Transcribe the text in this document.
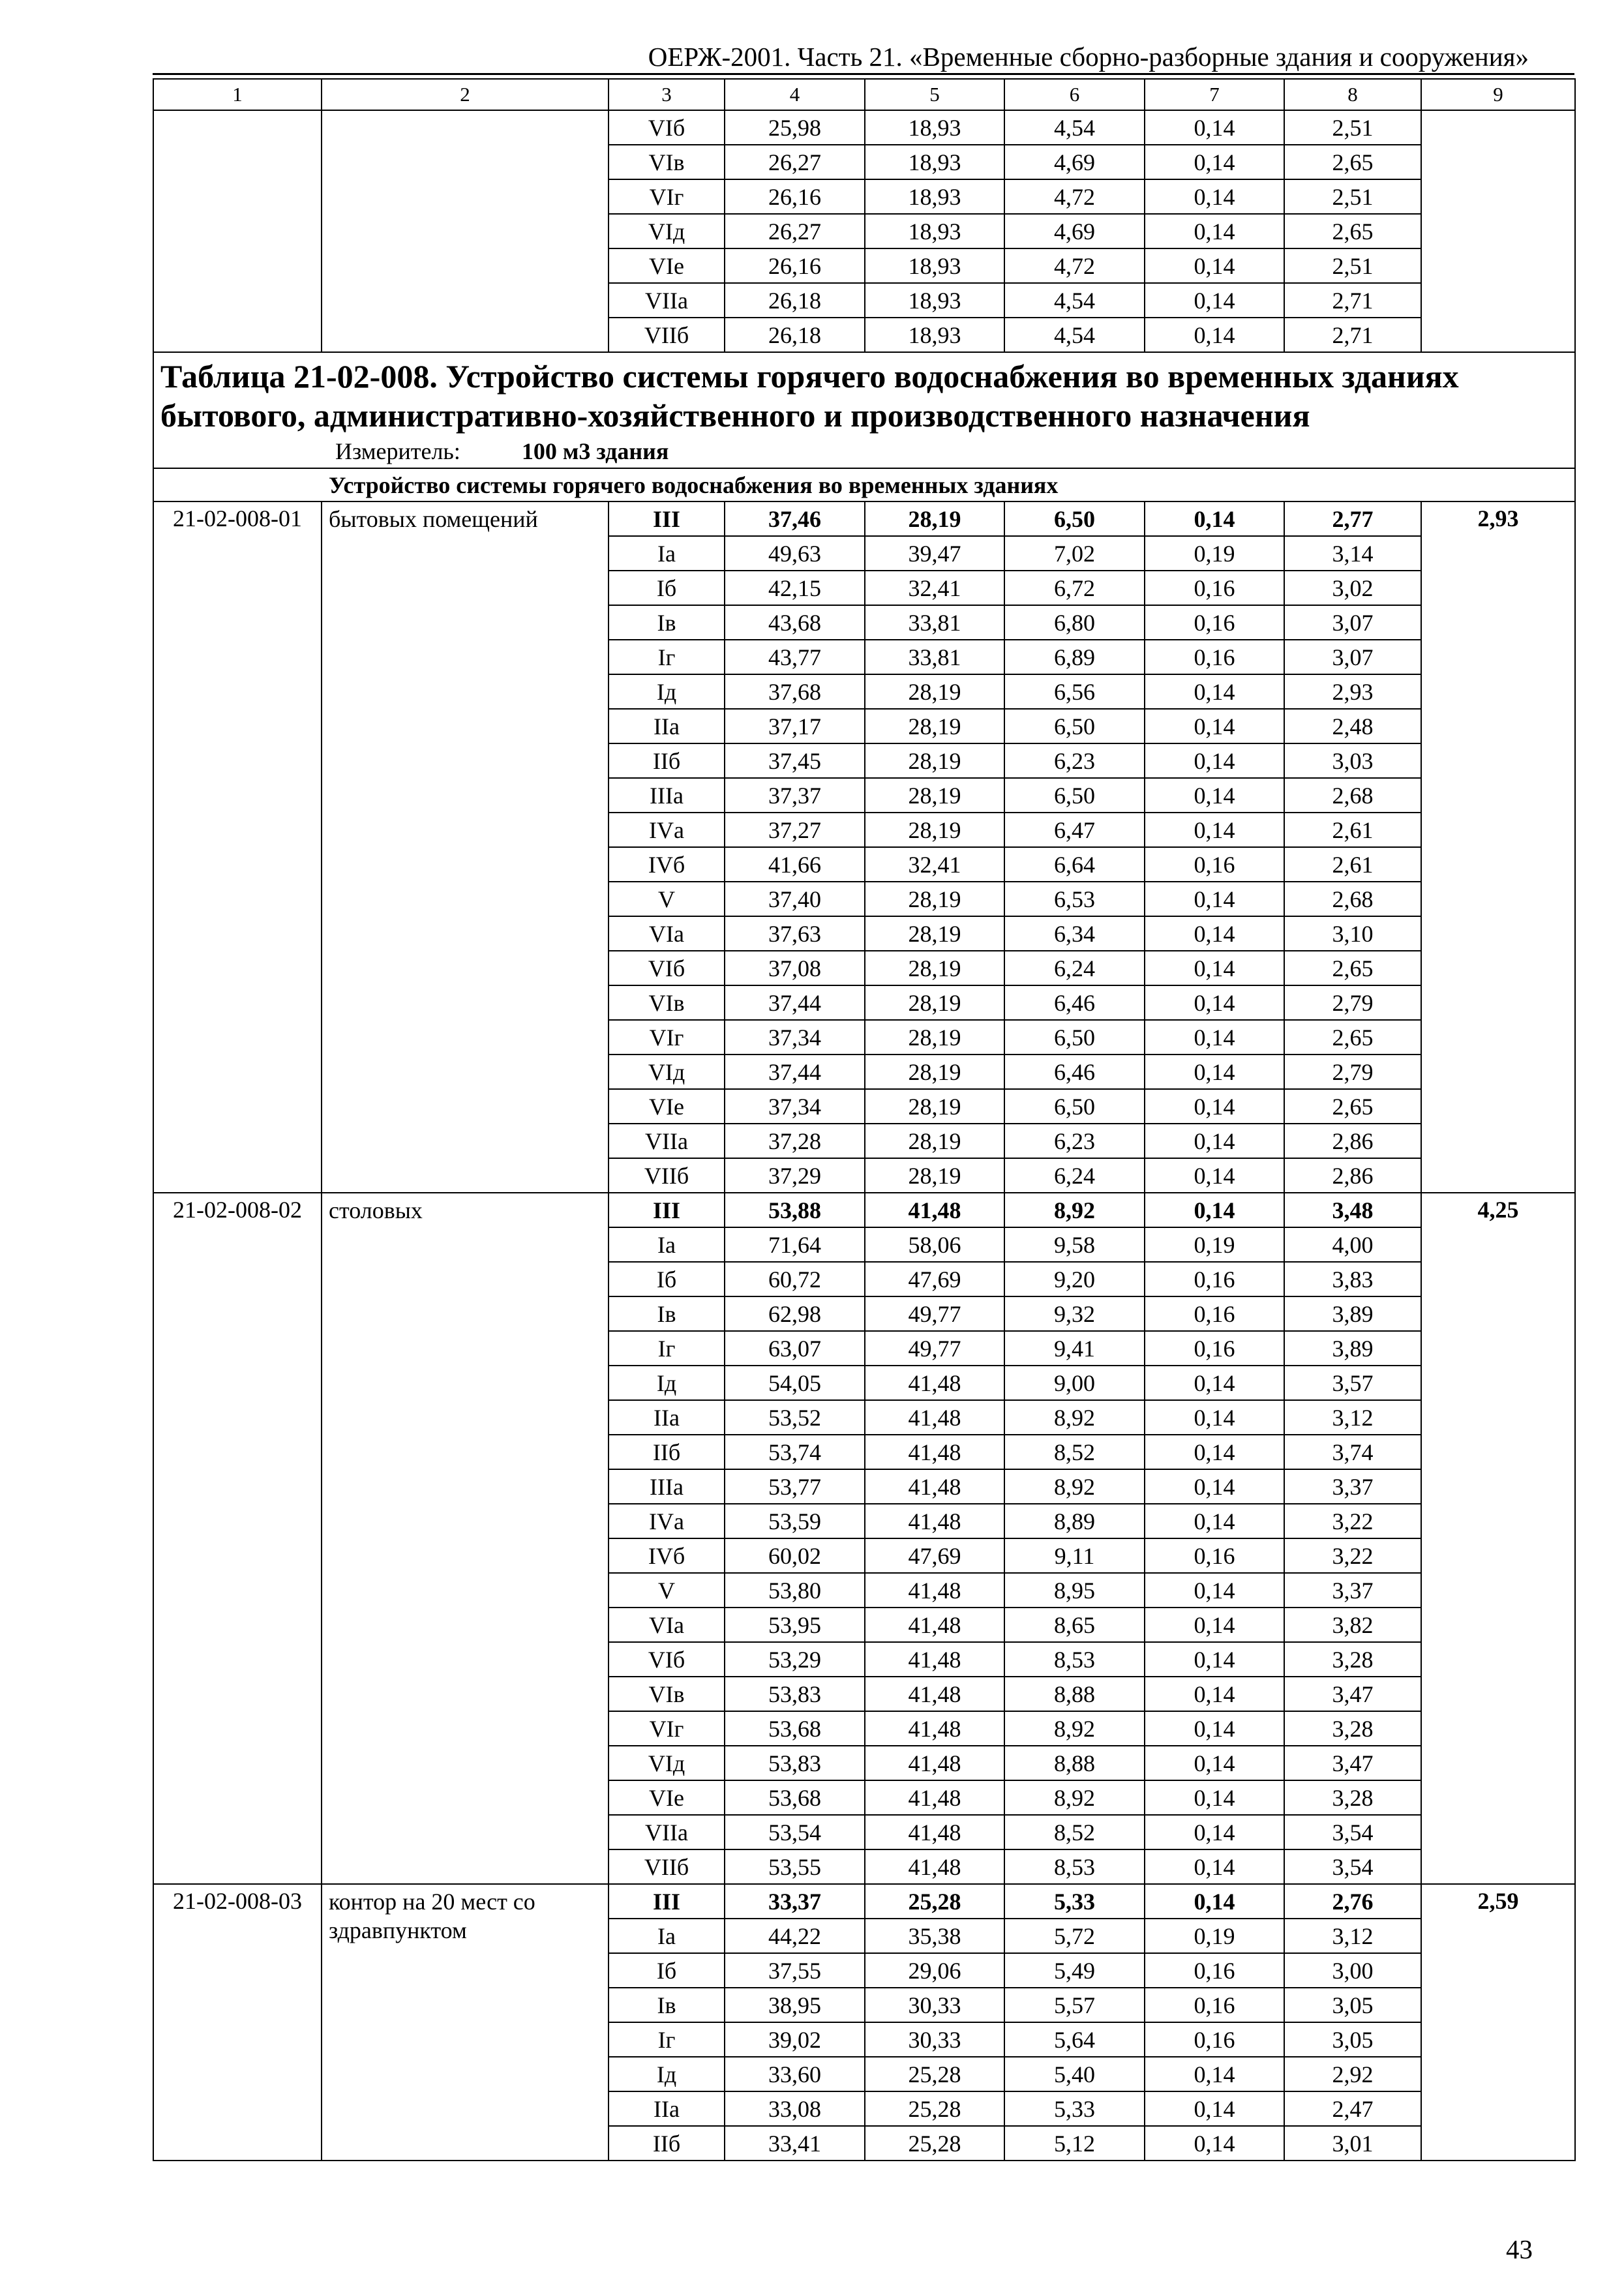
ОЕРЖ-2001. Часть 21. «Временные сборно-разборные здания и сооружения»
1	2	3	4	5	6	7	8	9
		VIб	25,98	18,93	4,54	0,14	2,51	
		VIв	26,27	18,93	4,69	0,14	2,65	
		VIг	26,16	18,93	4,72	0,14	2,51	
		VIд	26,27	18,93	4,69	0,14	2,65	
		VIе	26,16	18,93	4,72	0,14	2,51	
		VIIа	26,18	18,93	4,54	0,14	2,71	
		VIIб	26,18	18,93	4,54	0,14	2,71	

Таблица 21-02-008. Устройство системы горячего водоснабжения во временных зданиях бытового, административно-хозяйственного и производственного назначения
Измеритель: 100 м3 здания								

Устройство системы горячего водоснабжения во временных зданиях								
21-02-008-01	бытовых помещений	III	37,46	28,19	6,50	0,14	2,77	2,93
		Iа	49,63	39,47	7,02	0,19	3,14	
		Iб	42,15	32,41	6,72	0,16	3,02	
		Iв	43,68	33,81	6,80	0,16	3,07	
		Iг	43,77	33,81	6,89	0,16	3,07	
		Iд	37,68	28,19	6,56	0,14	2,93	
		IIа	37,17	28,19	6,50	0,14	2,48	
		IIб	37,45	28,19	6,23	0,14	3,03	
		IIIа	37,37	28,19	6,50	0,14	2,68	
		IVа	37,27	28,19	6,47	0,14	2,61	
		IVб	41,66	32,41	6,64	0,16	2,61	
		V	37,40	28,19	6,53	0,14	2,68	
		VIа	37,63	28,19	6,34	0,14	3,10	
		VIб	37,08	28,19	6,24	0,14	2,65	
		VIв	37,44	28,19	6,46	0,14	2,79	
		VIг	37,34	28,19	6,50	0,14	2,65	
		VIд	37,44	28,19	6,46	0,14	2,79	
		VIе	37,34	28,19	6,50	0,14	2,65	
		VIIа	37,28	28,19	6,23	0,14	2,86	
		VIIб	37,29	28,19	6,24	0,14	2,86	
21-02-008-02	столовых	III	53,88	41,48	8,92	0,14	3,48	4,25
		Iа	71,64	58,06	9,58	0,19	4,00	
		Iб	60,72	47,69	9,20	0,16	3,83	
		Iв	62,98	49,77	9,32	0,16	3,89	
		Iг	63,07	49,77	9,41	0,16	3,89	
		Iд	54,05	41,48	9,00	0,14	3,57	
		IIа	53,52	41,48	8,92	0,14	3,12	
		IIб	53,74	41,48	8,52	0,14	3,74	
		IIIа	53,77	41,48	8,92	0,14	3,37	
		IVа	53,59	41,48	8,89	0,14	3,22	
		IVб	60,02	47,69	9,11	0,16	3,22	
		V	53,80	41,48	8,95	0,14	3,37	
		VIа	53,95	41,48	8,65	0,14	3,82	
		VIб	53,29	41,48	8,53	0,14	3,28	
		VIв	53,83	41,48	8,88	0,14	3,47	
		VIг	53,68	41,48	8,92	0,14	3,28	
		VIд	53,83	41,48	8,88	0,14	3,47	
		VIе	53,68	41,48	8,92	0,14	3,28	
		VIIа	53,54	41,48	8,52	0,14	3,54	
		VIIб	53,55	41,48	8,53	0,14	3,54	
21-02-008-03	контор на 20 мест со здравпунктом	III	33,37	25,28	5,33	0,14	2,76	2,59
		Iа	44,22	35,38	5,72	0,19	3,12	
		Iб	37,55	29,06	5,49	0,16	3,00	
		Iв	38,95	30,33	5,57	0,16	3,05	
		Iг	39,02	30,33	5,64	0,16	3,05	
		Iд	33,60	25,28	5,40	0,14	2,92	
		IIа	33,08	25,28	5,33	0,14	2,47	
		IIб	33,41	25,28	5,12	0,14	3,01	
43
